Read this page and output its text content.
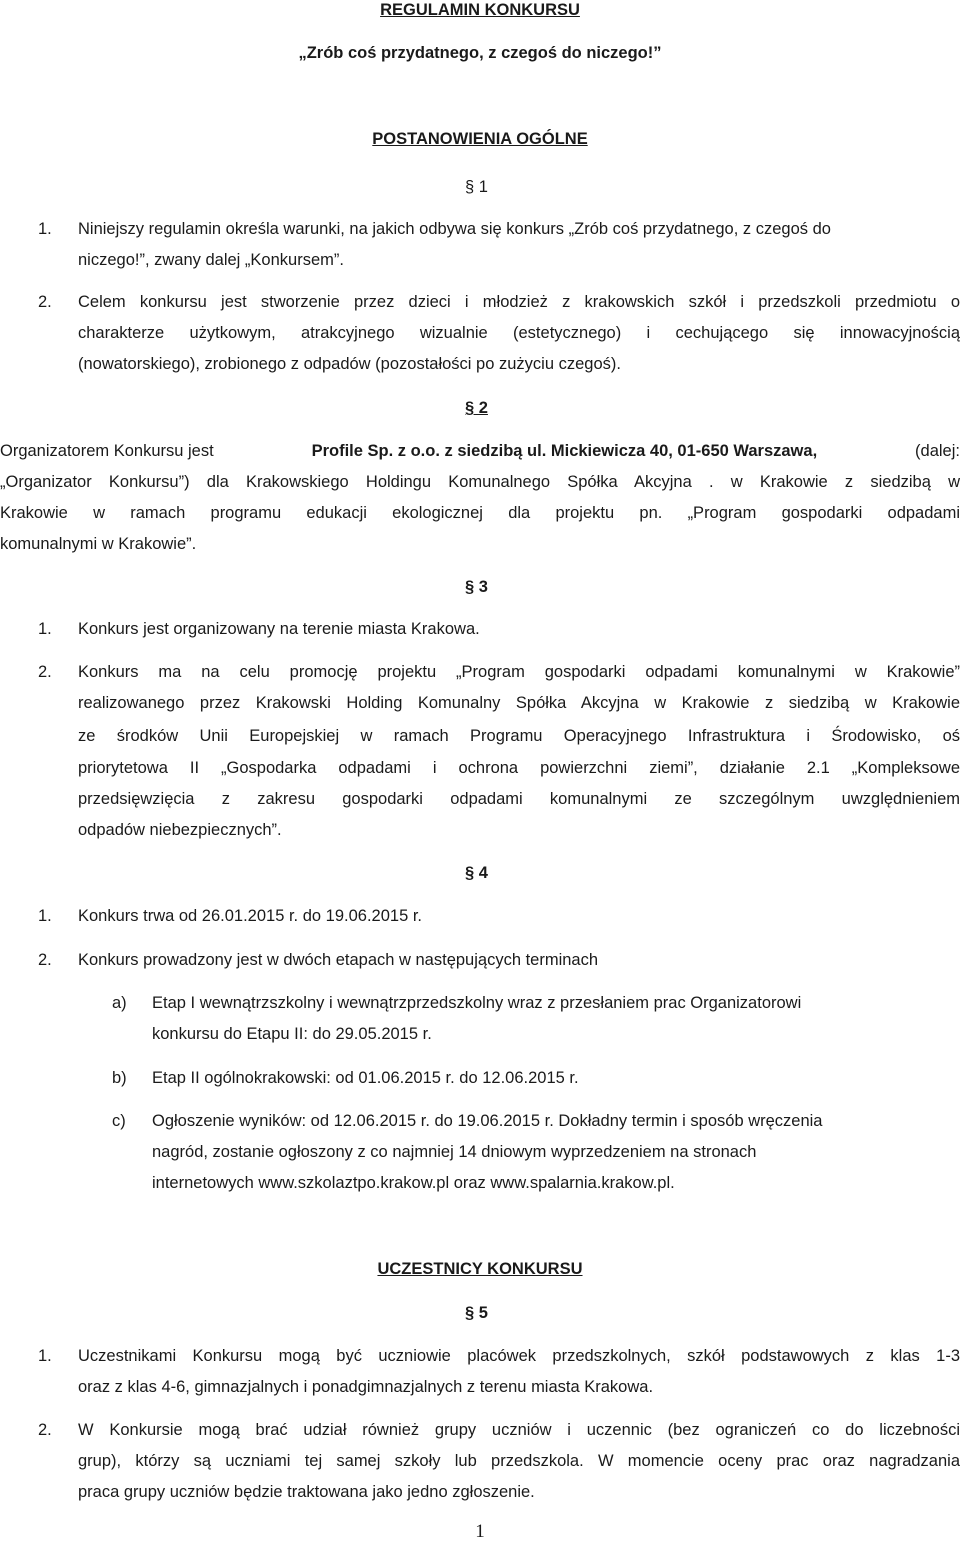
REGULAMIN KONKURSU
„Zrób coś przydatnego, z czegoś do niczego!”
POSTANOWIENIA OGÓLNE
§ 1
1. Niniejszy regulamin określa warunki, na jakich odbywa się konkurs „Zrób coś przydatnego, z czegoś do
niczego!”, zwany dalej „Konkursem”.
2. Celem konkursu jest stworzenie przez dzieci i młodzież z krakowskich szkół i przedszkoli przedmiotu o
charakterze użytkowym, atrakcyjnego wizualnie (estetycznego) i cechującego się innowacyjnością
(nowatorskiego), zrobionego z odpadów (pozostałości po zużyciu czegoś).
§ 2
Organizatorem Konkursu jest	Profile Sp. z o.o. z siedzibą ul. Mickiewicza 40, 01-650 Warszawa,	(dalej:
„Organizator Konkursu”) dla Krakowskiego Holdingu Komunalnego Spółka Akcyjna . w Krakowie z siedzibą w
Krakowie w ramach programu edukacji ekologicznej dla projektu pn. „Program gospodarki odpadami
komunalnymi w Krakowie”.
§ 3
1. Konkurs jest organizowany na terenie miasta Krakowa.
2. Konkurs ma na celu promocję projektu „Program gospodarki odpadami komunalnymi w Krakowie”
realizowanego przez Krakowski Holding Komunalny Spółka Akcyjna w Krakowie z siedzibą w Krakowie
ze środków Unii Europejskiej w ramach Programu Operacyjnego Infrastruktura i Środowisko, oś
priorytetowa II „Gospodarka odpadami i ochrona powierzchni ziemi”, działanie 2.1 „Kompleksowe
przedsięwzięcia z zakresu gospodarki odpadami komunalnymi ze szczególnym uwzględnieniem
odpadów niebezpiecznych”.
§ 4
1. Konkurs trwa od 26.01.2015 r. do 19.06.2015 r.
2. Konkurs prowadzony jest w dwóch etapach w następujących terminach
a) Etap I wewnątrzszkolny i wewnątrzprzedszkolny wraz z przesłaniem prac Organizatorowi
konkursu do Etapu II: do 29.05.2015 r.
b) Etap II ogólnokrakowski: od 01.06.2015 r. do 12.06.2015 r.
c) Ogłoszenie wyników: od 12.06.2015 r. do 19.06.2015 r. Dokładny termin i sposób wręczenia
nagród, zostanie ogłoszony z co najmniej 14 dniowym wyprzedzeniem na stronach
internetowych www.szkolaztpo.krakow.pl oraz www.spalarnia.krakow.pl.
UCZESTNICY KONKURSU
§ 5
1. Uczestnikami Konkursu mogą być uczniowie placówek przedszkolnych, szkół podstawowych z klas 1-3
oraz z klas 4-6, gimnazjalnych i ponadgimnazjalnych z terenu miasta Krakowa.
2. W Konkursie mogą brać udział również grupy uczniów i uczennic (bez ograniczeń co do liczebności
grup), którzy są uczniami tej samej szkoły lub przedszkola. W momencie oceny prac oraz nagradzania
praca grupy uczniów będzie traktowana jako jedno zgłoszenie.
1
